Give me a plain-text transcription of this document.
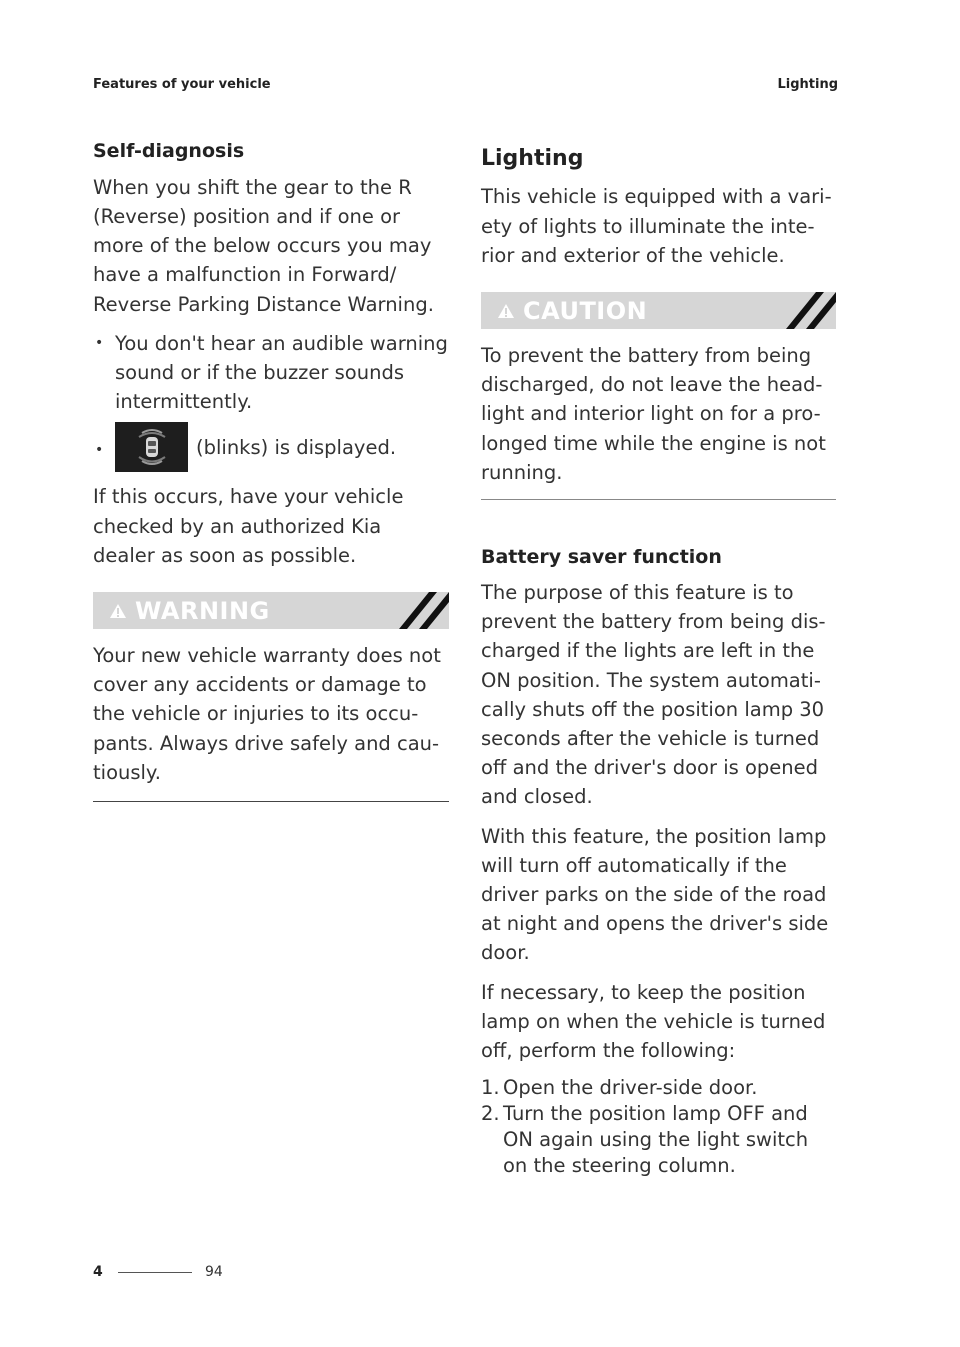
Features of your vehicle	Lighting
Self-diagnosis
When you shift the gear to the R (Reverse) position and if one or more of the below occurs you may have a malfunction in Forward/ Reverse Parking Distance Warning.
• You don't hear an audible warning sound or if the buzzer sounds intermittently.
• (blinks) is displayed.
If this occurs, have your vehicle checked by an authorized Kia dealer as soon as possible.
WARNING
Your new vehicle warranty does not cover any accidents or damage to the vehicle or injuries to its occu- pants. Always drive safely and cau- tiously.
Lighting
This vehicle is equipped with a vari- ety of lights to illuminate the inte- rior and exterior of the vehicle.
CAUTION
To prevent the battery from being discharged, do not leave the head- light and interior light on for a pro- longed time while the engine is not running.
Battery saver function
The purpose of this feature is to prevent the battery from being dis- charged if the lights are left in the ON position. The system automati- cally shuts off the position lamp 30 seconds after the vehicle is turned off and the driver's door is opened and closed.
With this feature, the position lamp will turn off automatically if the driver parks on the side of the road at night and opens the driver's side door.
If necessary, to keep the position lamp on when the vehicle is turned off, perform the following:
1. Open the driver-side door.
2. Turn the position lamp OFF and ON again using the light switch on the steering column.
4	94
